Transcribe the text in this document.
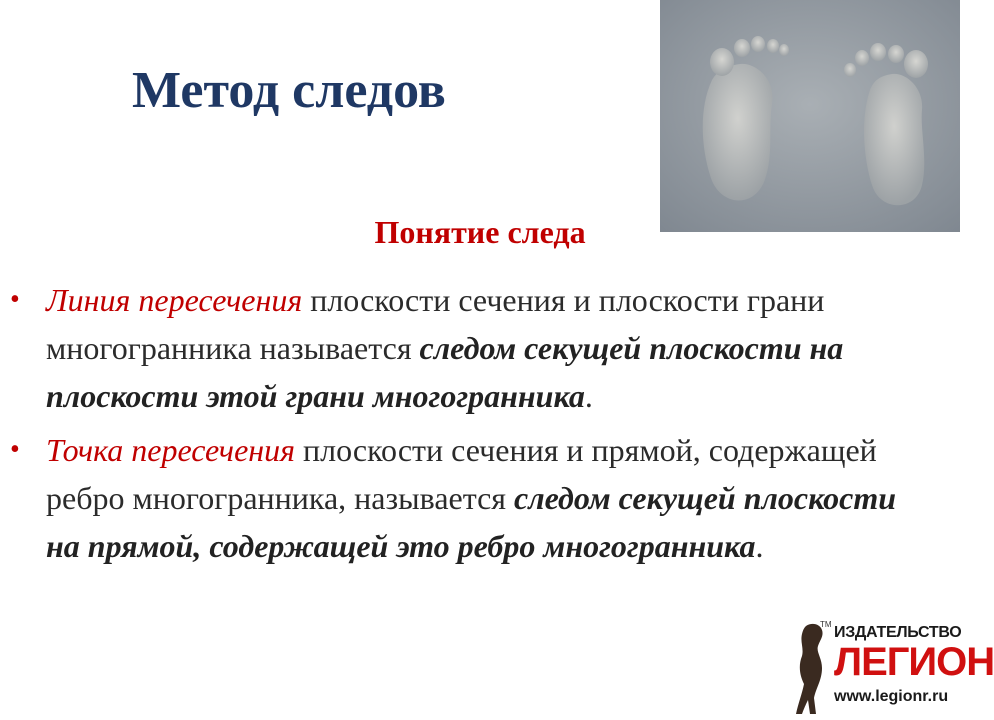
Метод следов
Понятие следа
• Линия пересечения плоскости сечения и плоскости грани многогранника называется следом секущей плоскости на плоскости этой грани многогранника.
• Точка пересечения плоскости сечения и прямой, содержащей ребро многогранника, называется следом секущей плоскости на прямой, содержащей это ребро многогранника.
TM ИЗДАТЕЛЬСТВО
ЛЕГИОН
www.legionr.ru
